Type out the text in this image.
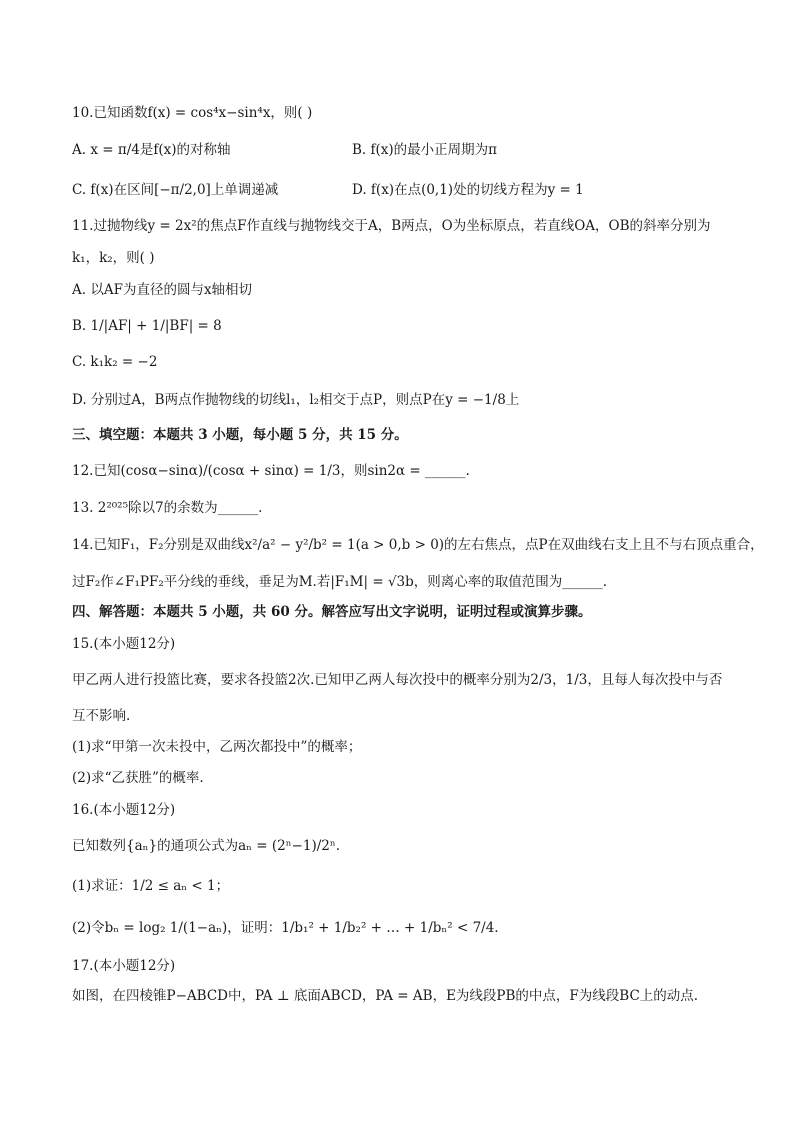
10.已知函数f(x) = cos⁴x−sin⁴x，则( )
A. x = π/4是f(x)的对称轴	B. f(x)的最小正周期为π
C. f(x)在区间[−π/2,0]上单调递减	D. f(x)在点(0,1)处的切线方程为y = 1
11.过抛物线y = 2x²的焦点F作直线与抛物线交于A，B两点，O为坐标原点，若直线OA，OB的斜率分别为
k₁，k₂，则( )
A. 以AF为直径的圆与x轴相切
B. 1/|AF| + 1/|BF| = 8
C. k₁k₂ = −2
D. 分别过A，B两点作抛物线的切线l₁，l₂相交于点P，则点P在y = −1/8上
三、填空题：本题共 3 小题，每小题 5 分，共 15 分。
12.已知(cosα−sinα)/(cosα + sinα) = 1/3，则sin2α = ______.
13. 2²⁰²⁵除以7的余数为______.
14.已知F₁，F₂分别是双曲线x²/a² − y²/b² = 1(a > 0,b > 0)的左右焦点，点P在双曲线右支上且不与右顶点重合，
过F₂作∠F₁PF₂平分线的垂线，垂足为M.若|F₁M| = √3b，则离心率的取值范围为______.
四、解答题：本题共 5 小题，共 60 分。解答应写出文字说明，证明过程或演算步骤。
15.(本小题12分)
甲乙两人进行投篮比赛，要求各投篮2次.已知甲乙两人每次投中的概率分别为2/3，1/3，且每人每次投中与否
互不影响.
(1)求“甲第一次未投中，乙两次都投中”的概率；
(2)求“乙获胜”的概率.
16.(本小题12分)
已知数列{aₙ}的通项公式为aₙ = (2ⁿ−1)/2ⁿ.
(1)求证：1/2 ≤ aₙ < 1；
(2)令bₙ = log₂ 1/(1−aₙ)，证明：1/b₁² + 1/b₂² + … + 1/bₙ² < 7/4.
17.(本小题12分)
如图，在四棱锥P−ABCD中，PA ⊥ 底面ABCD，PA = AB，E为线段PB的中点，F为线段BC上的动点.
